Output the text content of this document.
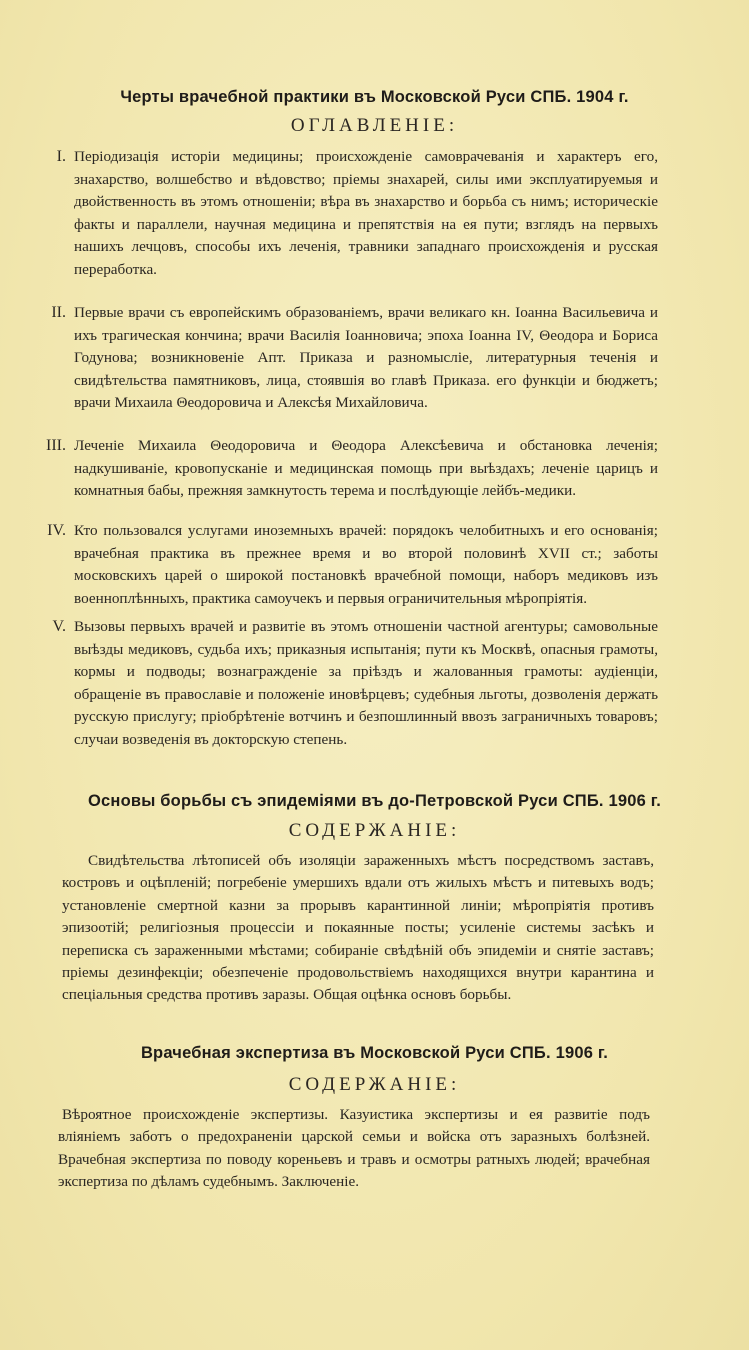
Черты врачебной практики въ Московской Руси СПБ. 1904 г.
ОГЛАВЛЕНІЕ:
I. Періодизація исторіи медицины; происхожденіе самоврачеванія и характеръ его, знахарство, волшебство и вѣдовство; пріемы знахарей, силы ими эксплуатируемыя и двойственность въ этомъ отношеніи; вѣра въ знахарство и борьба съ нимъ; историческіе факты и параллели, научная медицина и препятствія на ея пути; взглядъ на первыхъ нашихъ лечцовъ, способы ихъ леченія, травники западнаго происхожденія и русская переработка.
II. Первые врачи съ европейскимъ образованіемъ, врачи великаго кн. Іоанна Васильевича и ихъ трагическая кончина; врачи Василія Іоанновича; эпоха Іоанна IV, Θеодора и Бориса Годунова; возникновеніе Апт. Приказа и разномысліе, литературныя теченія и свидѣтельства памятниковъ, лица, стоявшія во главѣ Приказа. его функціи и бюджетъ; врачи Михаила Θеодоровича и Алексѣя Михайловича.
III. Леченіе Михаила Θеодоровича и Θеодора Алексѣевича и обстановка леченія; надкушиваніе, кровопусканіе и медицинская помощь при выѣздахъ; леченіе царицъ и комнатныя бабы, прежняя замкнутость терема и послѣдующіе лейбъ-медики.
IV. Кто пользовался услугами иноземныхъ врачей: порядокъ челобитныхъ и его основанія; врачебная практика въ прежнее время и во второй половинѣ XVII ст.; заботы московскихъ царей о широкой постановкѣ врачебной помощи, наборъ медиковъ изъ военноплѣнныхъ, практика самоучекъ и первыя ограничительныя мѣропріятія.
V. Вызовы первыхъ врачей и развитіе въ этомъ отношеніи частной агентуры; самовольные выѣзды медиковъ, судьба ихъ; приказныя испытанія; пути къ Москвѣ, опасныя грамоты, кормы и подводы; вознагражденіе за пріѣздъ и жалованныя грамоты: аудіенціи, обращеніе въ православіе и положеніе иновѣрцевъ; судебныя льготы, дозволенія держать русскую прислугу; пріобрѣтеніе вотчинъ и безпошлинный ввозъ заграничныхъ товаровъ; случаи возведенія въ докторскую степень.
Основы борьбы съ эпидеміями въ до-Петровской Руси СПБ. 1906 г.
СОДЕРЖАНІЕ:
Свидѣтельства лѣтописей объ изоляціи зараженныхъ мѣстъ посредствомъ заставъ, костровъ и оцѣпленій; погребеніе умершихъ вдали отъ жилыхъ мѣстъ и питевыхъ водъ; установленіе смертной казни за прорывъ карантинной линіи; мѣропріятія противъ эпизоотій; религіозныя процессіи и покаянные посты; усиленіе системы засѣкъ и переписка съ зараженными мѣстами; собираніе свѣдѣній объ эпидеміи и снятіе заставъ; пріемы дезинфекціи; обезпеченіе продовольствіемъ находящихся внутри карантина и спеціальныя средства противъ заразы. Общая оцѣнка основъ борьбы.
Врачебная экспертиза въ Московской Руси СПБ. 1906 г.
СОДЕРЖАНІЕ:
Вѣроятное происхожденіе экспертизы. Казуистика экспертизы и ея развитіе подъ вліяніемъ заботъ о предохраненіи царской семьи и войска отъ заразныхъ болѣзней. Врачебная экспертиза по поводу кореньевъ и травъ и осмотры ратныхъ людей; врачебная экспертиза по дѣламъ судебнымъ. Заключеніе.
